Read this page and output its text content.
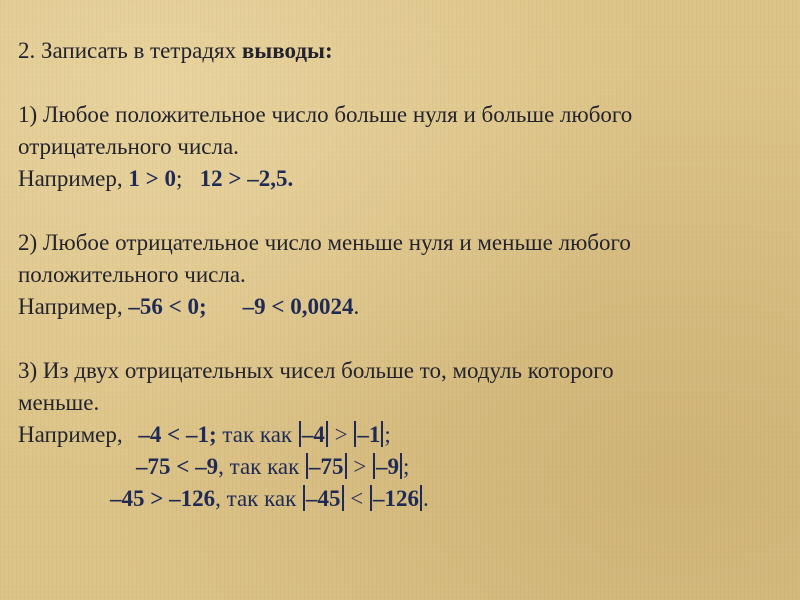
2. Записать в тетрадях выводы:
1) Любое положительное число больше нуля и больше любого
отрицательного числа.
Например, 1 > 0;   12 > –2,5.
2) Любое отрицательное число меньше нуля и меньше любого
положительного числа.
Например, –56 < 0; –9 < 0,0024.
3) Из двух отрицательных чисел больше то, модуль которого
меньше.
Например, –4 < –1; так как –4 > –1 ;
–75 < –9, так как –75 > –9 ;
–45 > –126, так как –45 < –126 .
